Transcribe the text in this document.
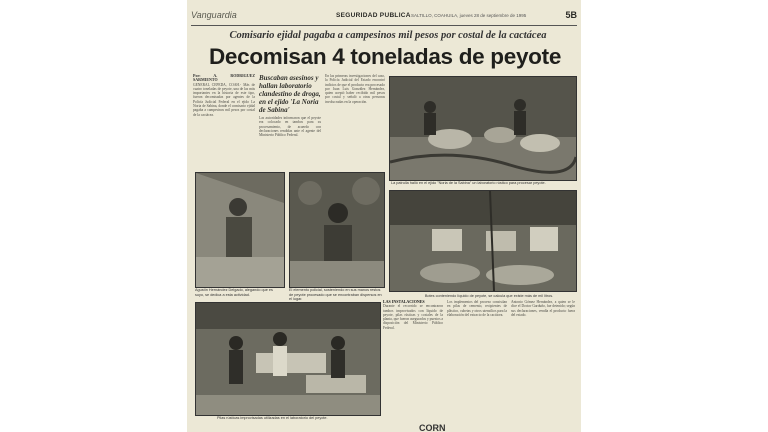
Vanguardia	SEGURIDAD PUBLICA SALTILLO, COAHUILA, jueves 28 de septiembre de 1995	5B
Comisario ejidal pagaba a campesinos mil pesos por costal de la cactácea
Decomisan 4 toneladas de peyote
Por: A. RODRIGUEZ SARMIENTO
GENERAL CEPEDA, COAH.- Más de cuatro toneladas de peyote, una de las más importantes en la historia de este tipo, fueron decomisadas por agentes de la Policía Judicial Federal en el ejido La Noria de Sabina, donde el comisario ejidal pagaba a campesinos mil pesos por costal de la cactácea.
Buscaban asesinos y hallan laboratorio clandestino de droga, en el ejido 'La Noria de Sabina'
Las autoridades informaron que el peyote era colocado en tambos para su procesamiento, de acuerdo con declaraciones rendidas ante el agente del Ministerio Público Federal.
En las primeras investigaciones del caso, la Policía Judicial del Estado encontró indicios de que el producto era procesado por Juan Luis González Hernández, quien aceptó haber recibido mil pesos por costal y señaló a otras personas involucradas en la operación.
La patrulla halló en el ejido "Noria de la Sabina" un laboratorio rústico para procesar peyote.
Agustín Hernández Delgado, alegando que es suyo, se dedica a esta actividad.
El elemento policial, sosteniendo en sus manos restos de peyote procesado que se encontraban dispersos en el lugar.
Botes conteniendo líquido de peyote, se calcula que existe más de mil litros.
Pilas rústicas improvisadas utilizadas en el laboratorio del peyote.
LAS INSTALACIONES
Durante el recorrido se encontraron tambos improvisados con líquido de peyote, pilas rústicas y costales de la planta, que fueron asegurados y puestos a disposición del Ministerio Público Federal.
Los implementos del proceso consistían en pilas de cemento, recipientes de plástico, cubetas y otros utensilios para la elaboración del extracto de la cactácea.
Antonio Gómez Hernández, a quien se le dice el Doctor Garduño, fue detenido; según sus declaraciones, vendía el producto fuera del estado.
CORN
